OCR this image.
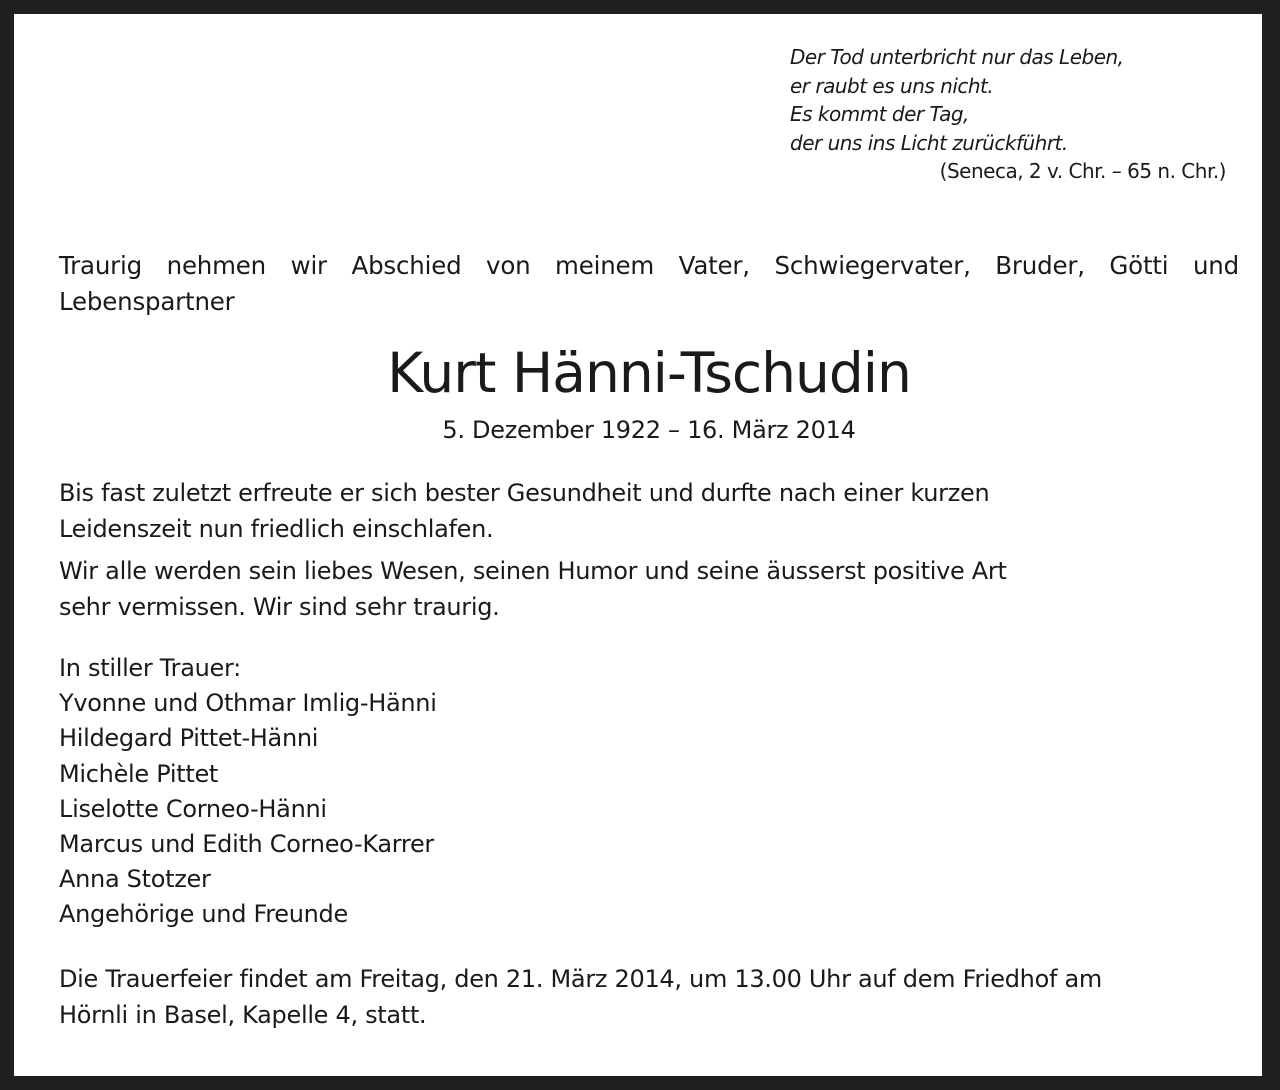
Der Tod unterbricht nur das Leben,
er raubt es uns nicht.
Es kommt der Tag,
der uns ins Licht zurückführt.
(Seneca, 2 v. Chr. – 65 n. Chr.)
Traurig nehmen wir Abschied von meinem Vater, Schwiegervater, Bruder, Götti und Lebenspartner
Kurt Hänni-Tschudin
5. Dezember 1922 – 16. März 2014
Bis fast zuletzt erfreute er sich bester Gesundheit und durfte nach einer kurzen
Leidenszeit nun friedlich einschlafen.
Wir alle werden sein liebes Wesen, seinen Humor und seine äusserst positive Art
sehr vermissen. Wir sind sehr traurig.
In stiller Trauer:
Yvonne und Othmar Imlig-Hänni
Hildegard Pittet-Hänni
Michèle Pittet
Liselotte Corneo-Hänni
Marcus und Edith Corneo-Karrer
Anna Stotzer
Angehörige und Freunde
Die Trauerfeier findet am Freitag, den 21. März 2014, um 13.00 Uhr auf dem Friedhof am
Hörnli in Basel, Kapelle 4, statt.
